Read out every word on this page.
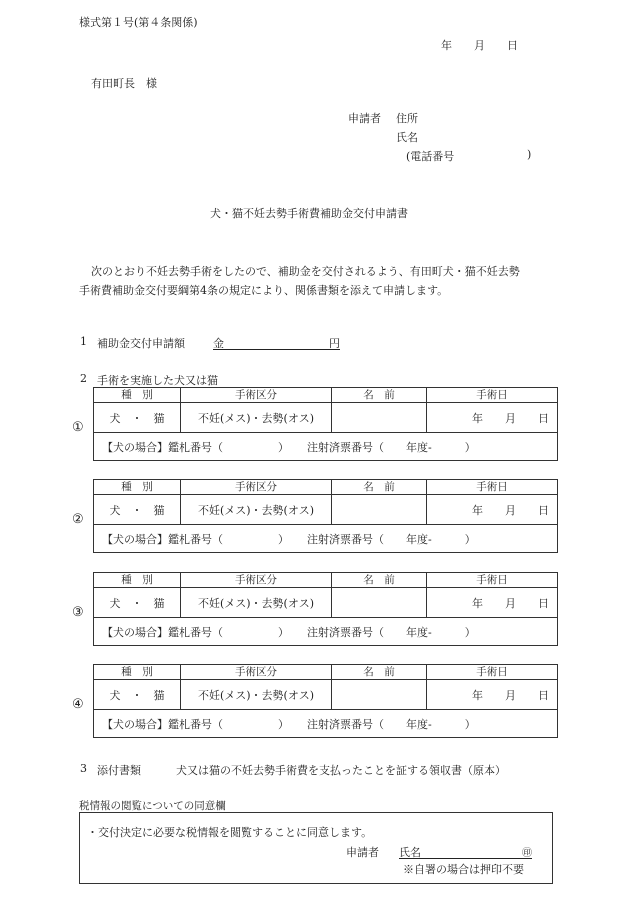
様式第１号(第４条関係)
年　　月　　日
有田町長　様
申請者 住所
氏名
(電話番号	)
犬・猫不妊去勢手術費補助金交付申請書
次のとおり不妊去勢手術をしたので、補助金を交付されるよう、有田町犬・猫不妊去勢
手術費補助金交付要綱第4条の規定により、関係書類を添えて申請します。
1 補助金交付申請額	金	円
2 手術を実施した犬又は猫
①
種　別	手術区分	名　前	手術日
犬　・　猫	不妊(メス)・去勢(オス)		年　　月　　日
【犬の場合】鑑札番号（　　　　　） 注射済票番号（　　年度-　　　）			
②
種　別	手術区分	名　前	手術日
犬　・　猫	不妊(メス)・去勢(オス)		年　　月　　日
【犬の場合】鑑札番号（　　　　　） 注射済票番号（　　年度-　　　）			
③
種　別	手術区分	名　前	手術日
犬　・　猫	不妊(メス)・去勢(オス)		年　　月　　日
【犬の場合】鑑札番号（　　　　　） 注射済票番号（　　年度-　　　）			
④
種　別	手術区分	名　前	手術日
犬　・　猫	不妊(メス)・去勢(オス)		年　　月　　日
【犬の場合】鑑札番号（　　　　　） 注射済票番号（　　年度-　　　）			
3 添付書類	犬又は猫の不妊去勢手術費を支払ったことを証する領収書（原本）
税情報の閲覧についての同意欄
・交付決定に必要な税情報を閲覧することに同意します。
申請者 氏名	㊞
※自署の場合は押印不要
